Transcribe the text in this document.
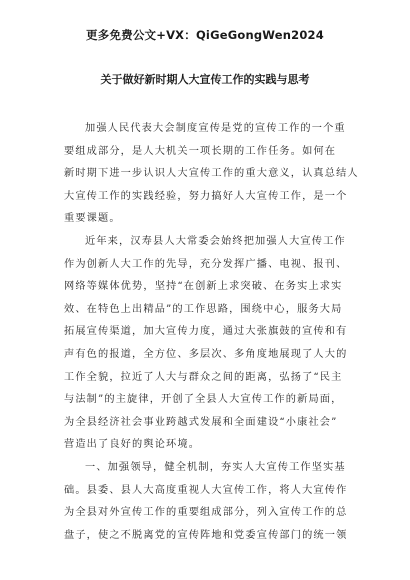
更多免费公文+VX：QiGeGongWen2024
关于做好新时期人大宣传工作的实践与思考
加强人民代表大会制度宣传是党的宣传工作的一个重
要组成部分，是人大机关一项长期的工作任务。如何在
新时期下进一步认识人大宣传工作的重大意义，认真总结人
大宣传工作的实践经验，努力搞好人大宣传工作，是一个
重要课题。
近年来，汉寿县人大常委会始终把加强人大宣传工作
作为创新人大工作的先导，充分发挥广播、电视、报刊、
网络等媒体优势，坚持“在创新上求突破、在务实上求实
效、在特色上出精品”的工作思路，围绕中心，服务大局
拓展宣传渠道，加大宣传力度，通过大张旗鼓的宣传和有
声有色的报道，全方位、多层次、多角度地展现了人大的
工作全貌，拉近了人大与群众之间的距离，弘扬了“民主
与法制”的主旋律，开创了全县人大宣传工作的新局面，
为全县经济社会事业跨越式发展和全面建设“小康社会”
营造出了良好的舆论环境。
一、加强领导，健全机制，夯实人大宣传工作坚实基
础。县委、县人大高度重视人大宣传工作，将人大宣传作
为全县对外宣传工作的重要组成部分，列入宣传工作的总
盘子，使之不脱离党的宣传阵地和党委宣传部门的统一领
